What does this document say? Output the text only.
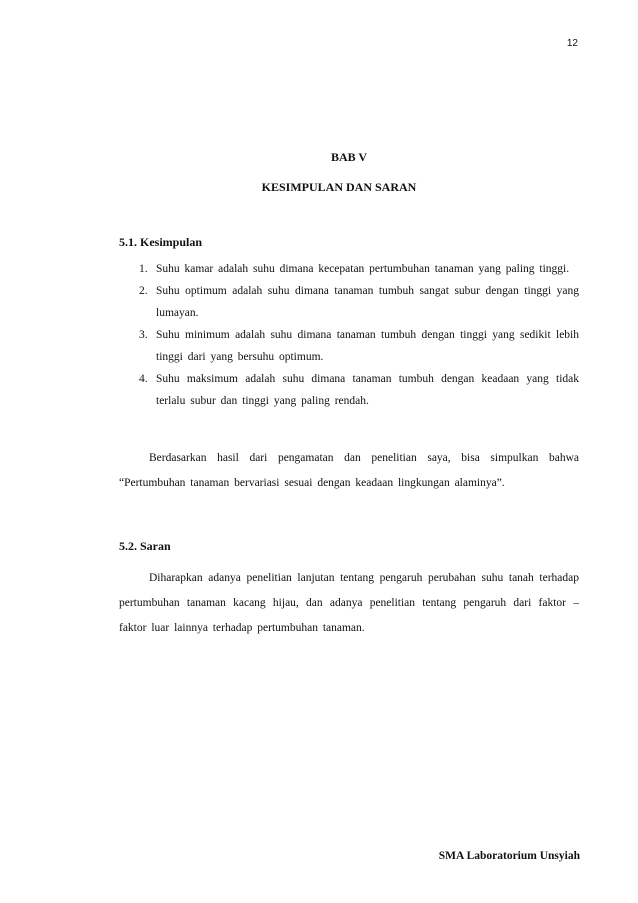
12
BAB V
KESIMPULAN DAN SARAN
5.1. Kesimpulan
1. Suhu kamar adalah suhu dimana kecepatan pertumbuhan tanaman yang paling tinggi.
2. Suhu optimum adalah suhu dimana tanaman tumbuh sangat subur dengan tinggi yang lumayan.
3. Suhu minimum adalah suhu dimana tanaman tumbuh dengan tinggi yang sedikit lebih tinggi dari yang bersuhu optimum.
4. Suhu maksimum adalah suhu dimana tanaman tumbuh dengan keadaan yang tidak terlalu subur dan tinggi yang paling rendah.
Berdasarkan hasil dari pengamatan dan penelitian saya, bisa simpulkan bahwa “Pertumbuhan tanaman bervariasi sesuai dengan keadaan lingkungan alaminya”.
5.2. Saran
Diharapkan adanya penelitian lanjutan tentang pengaruh perubahan suhu tanah terhadap pertumbuhan tanaman kacang hijau, dan adanya penelitian tentang pengaruh dari faktor – faktor luar lainnya terhadap pertumbuhan tanaman.
SMA Laboratorium Unsyiah
